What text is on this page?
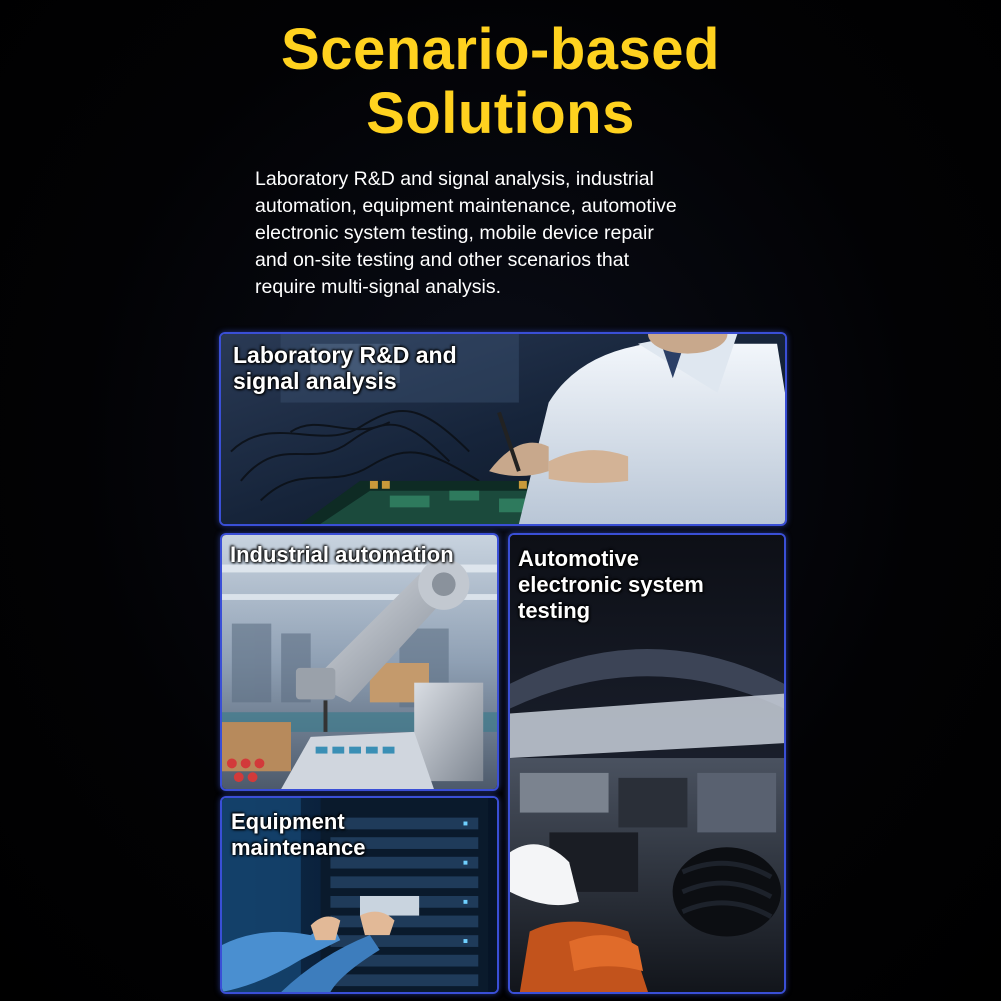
Scenario-based
Solutions
Laboratory R&D and signal analysis, industrial
automation, equipment maintenance, automotive
electronic system testing, mobile device repair
and on-site testing and other scenarios that
require multi-signal analysis.
Laboratory R&D and
signal analysis
Industrial automation	Automotive
electronic system
testing
Equipment
maintenance
